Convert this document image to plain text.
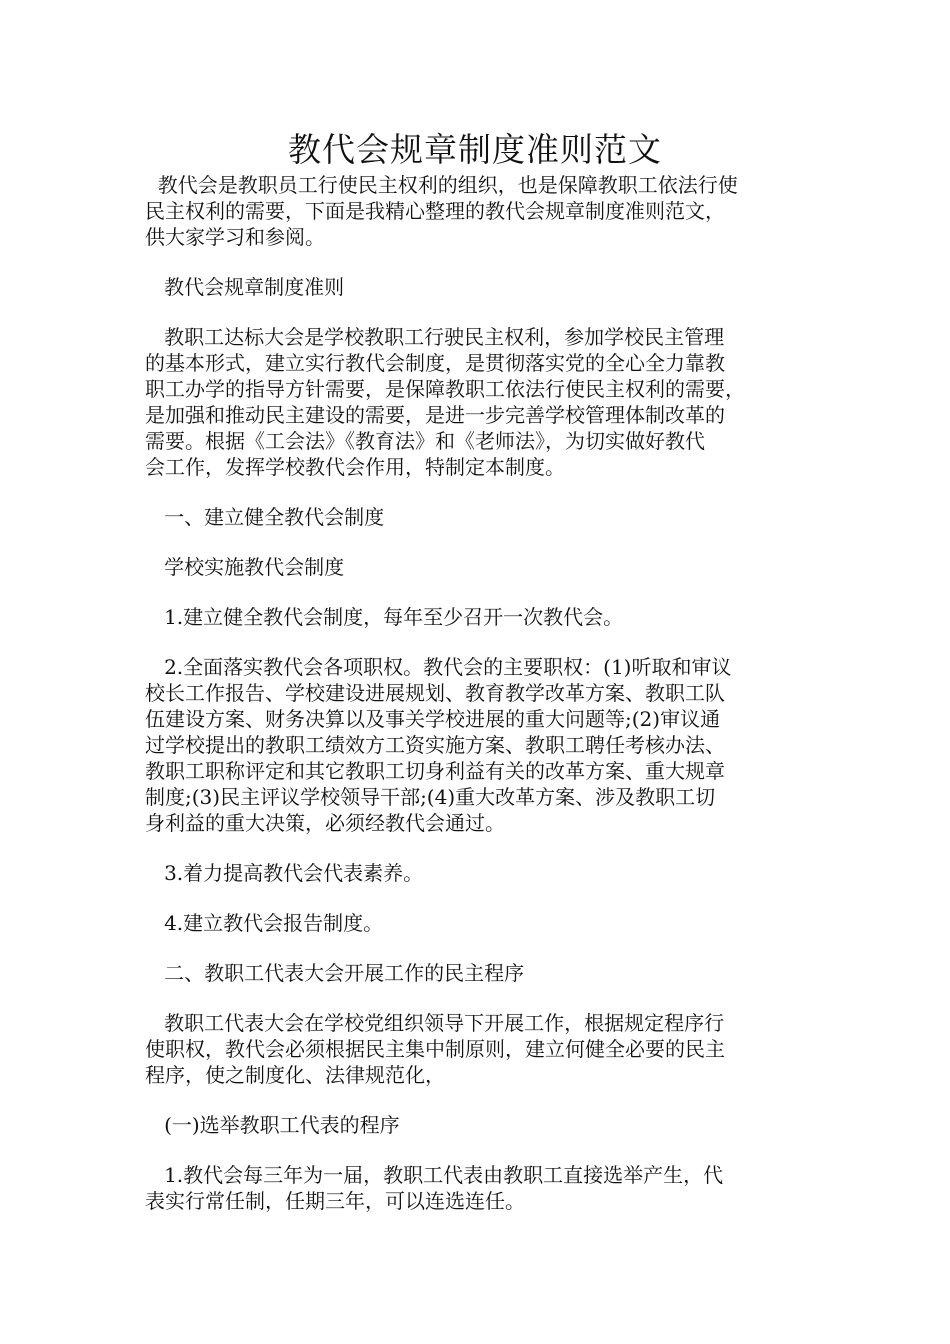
教代会规章制度准则范文

教代会是教职员工行使民主权利的组织，也是保障教职工依法行使

民主权利的需要，下面是我精心整理的教代会规章制度准则范文，

供大家学习和参阅。

教代会规章制度准则

教职工达标大会是学校教职工行驶民主权利，参加学校民主管理

的基本形式，建立实行教代会制度，是贯彻落实党的全心全力靠教

职工办学的指导方针需要，是保障教职工依法行使民主权利的需要，

是加强和推动民主建设的需要，是进一步完善学校管理体制改革的

需要。根据《工会法》《教育法》和《老师法》，为切实做好教代

会工作，发挥学校教代会作用，特制定本制度。

一、建立健全教代会制度

学校实施教代会制度

1.建立健全教代会制度，每年至少召开一次教代会。

2.全面落实教代会各项职权。教代会的主要职权：(1)听取和审议

校长工作报告、学校建设进展规划、教育教学改革方案、教职工队

伍建设方案、财务决算以及事关学校进展的重大问题等;(2)审议通

过学校提出的教职工绩效方工资实施方案、教职工聘任考核办法、

教职工职称评定和其它教职工切身利益有关的改革方案、重大规章

制度;(3)民主评议学校领导干部;(4)重大改革方案、涉及教职工切

身利益的重大决策，必须经教代会通过。

3.着力提高教代会代表素养。

4.建立教代会报告制度。

二、教职工代表大会开展工作的民主程序

教职工代表大会在学校党组织领导下开展工作，根据规定程序行

使职权，教代会必须根据民主集中制原则，建立何健全必要的民主

程序，使之制度化、法律规范化，

(一)选举教职工代表的程序

1.教代会每三年为一届，教职工代表由教职工直接选举产生，代

表实行常任制，任期三年，可以连选连任。
